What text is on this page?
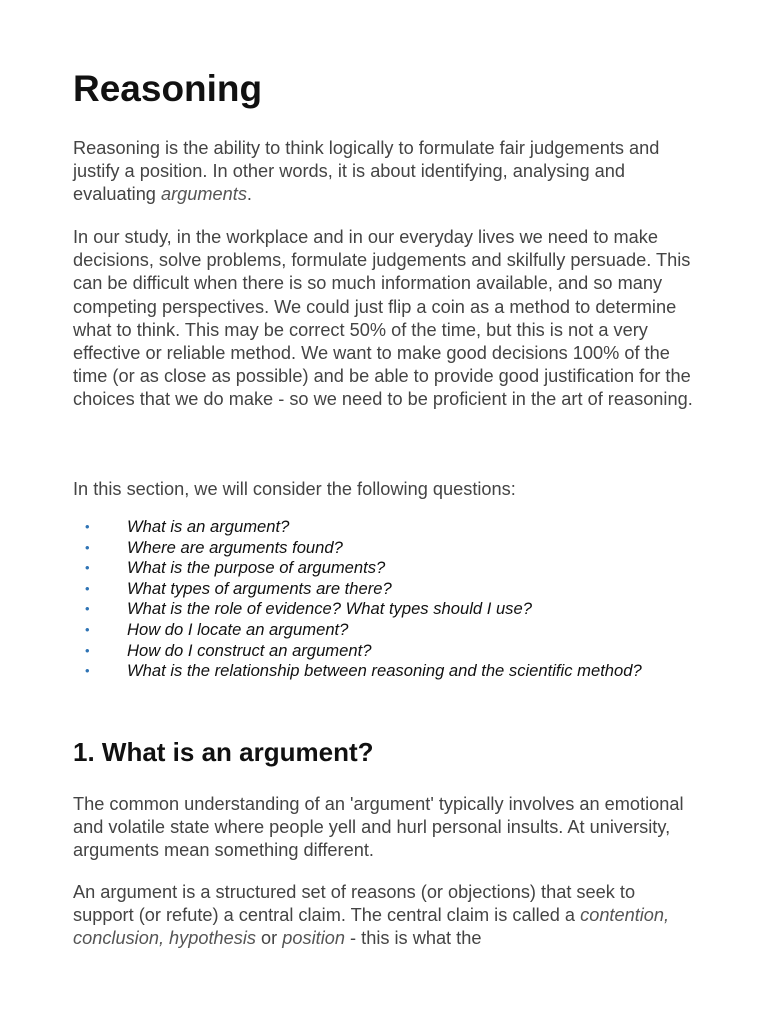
Reasoning

Reasoning is the ability to think logically to formulate fair judgements and justify a position. In other words, it is about identifying, analysing and evaluating arguments.

In our study, in the workplace and in our everyday lives we need to make decisions, solve problems, formulate judgements and skilfully persuade. This can be difficult when there is so much information available, and so many competing perspectives. We could just flip a coin as a method to determine what to think. This may be correct 50% of the time, but this is not a very effective or reliable method. We want to make good decisions 100% of the time (or as close as possible) and be able to provide good justification for the choices that we do make - so we need to be proficient in the art of reasoning.

In this section, we will consider the following questions:

• What is an argument?
• Where are arguments found?
• What is the purpose of arguments?
• What types of arguments are there?
• What is the role of evidence? What types should I use?
• How do I locate an argument?
• How do I construct an argument?
• What is the relationship between reasoning and the scientific method?
1. What is an argument?

The common understanding of an 'argument' typically involves an emotional and volatile state where people yell and hurl personal insults. At university, arguments mean something different.

An argument is a structured set of reasons (or objections) that seek to support (or refute) a central claim. The central claim is called a contention, conclusion, hypothesis or position - this is what the
